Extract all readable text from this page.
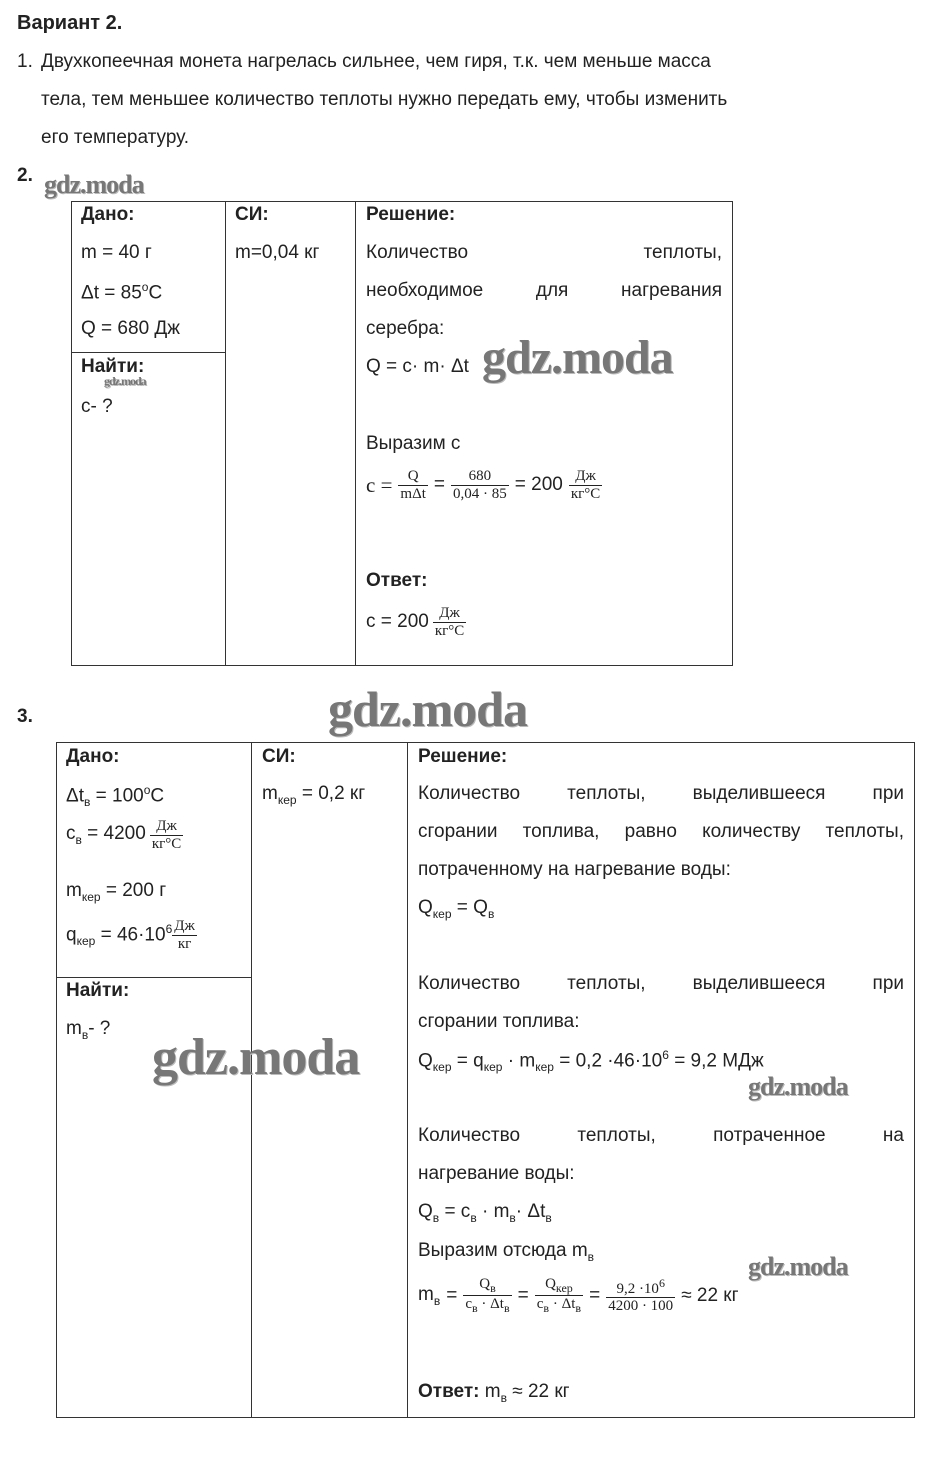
Вариант 2.
1. Двухкопеечная монета нагрелась сильнее, чем гиря, т.к. чем меньше масса
тела, тем меньшее количество теплоты нужно передать ему, чтобы изменить
его температуру.
2. gdz.moda
Дано:
m = 40 г
$\Delta t = 85^oC$
Q = 680 Дж
Найти:
gdz.moda
c- ?
СИ:
m=0,04 кг
Решение:
Количество теплоты,
необходимое для нагревания
серебра:
Q = c· m· Δt gdz.moda
Выразим с
$c = \frac{Q}{\text{mΔt}} = \frac{680}{0,04 \cdot 85} = 200 \frac{Дж}{кг^\circ С}$
Ответ:
$c = 200 \frac{Дж}{кг^\circ С}$
3.	gdz.moda
Дано:
$\Delta t_в = 100^oC$
$c_в = 4200 \frac{Дж}{кг^\circ С}$
$m_{кер} = 200$ г
$q_{кер} = 46\cdot 10^6 \frac{Дж}{кг}$
Найти:
$m_в-$ ?
СИ:
$m_{кер} = 0,2$ кг
gdz.moda
Решение:
Количество теплоты, выделившееся при
сгорании топлива, равно количеству теплоты,
потраченному на нагревание воды:
$Q_{кер} = Q_в$
Количество теплоты, выделившееся при
сгорании топлива:
$Q_{кер} = q_{кер} \cdot m_{кер} = 0,2 \cdot 46\cdot 10^6 = 9,2$ МДж
gdz.moda
Количество теплоты, потраченное на
нагревание воды:
$Q_в = c_в \cdot m_в\cdot \Delta t_в$
Выразим отсюда $m_в$	gdz.moda
$m_в = \frac{Q_в}{c_в \cdot \Delta t_в} = \frac{Q_{кер}}{c_в \cdot \Delta t_в} = \frac{9,2 \cdot 10^6}{4200 \cdot 100} \approx 22$ кг
Ответ: $m_в \approx 22$ кг
